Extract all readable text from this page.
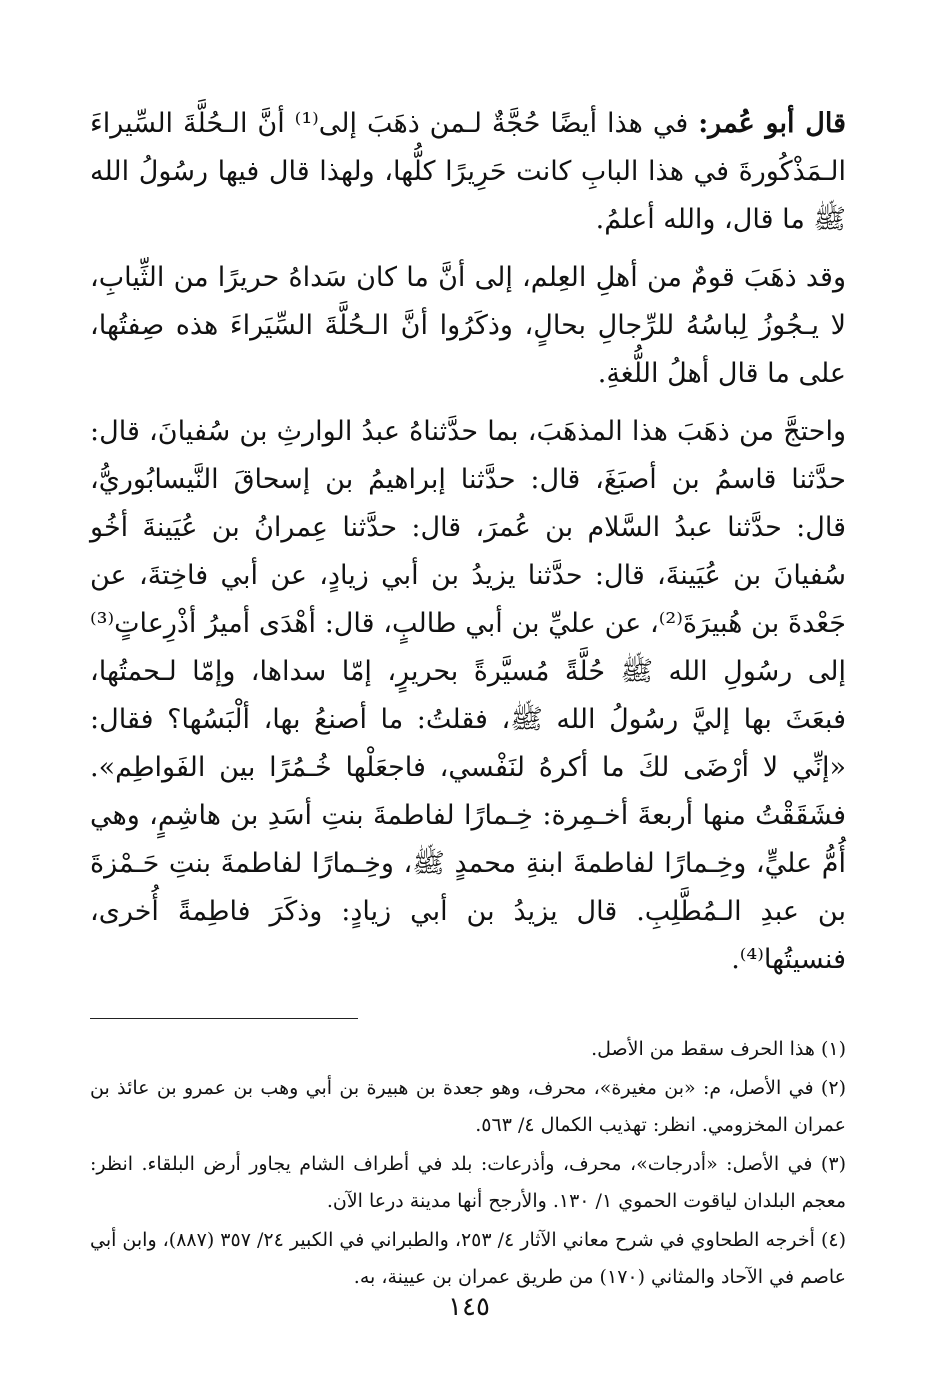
قال أبو عُمر: في هذا أيضًا حُجَّةٌ لـمن ذهَبَ إلى⁽¹⁾ أنَّ الـحُلَّةَ السِّيراءَ الـمَذْكُورةَ في هذا البابِ كانت حَرِيرًا كلُّها، ولهذا قال فيها رسُولُ الله ﷺ ما قال، والله أعلمُ.

وقد ذهَبَ قومٌ من أهلِ العِلم، إلى أنَّ ما كان سَداهُ حريرًا من الثِّيابِ، لا يـجُوزُ لِباسُهُ للرِّجالِ بحالٍ، وذكَرُوا أنَّ الـحُلَّةَ السِّيَراءَ هذه صِفتُها، على ما قال أهلُ اللُّغةِ.

واحتجَّ من ذهَبَ هذا المذهَبَ، بما حدَّثناهُ عبدُ الوارثِ بن سُفيانَ، قال: حدَّثنا قاسمُ بن أصبَغَ، قال: حدَّثنا إبراهيمُ بن إسحاقَ النَّيسابُوريُّ، قال: حدَّثنا عبدُ السَّلام بن عُمرَ، قال: حدَّثنا عِمرانُ بن عُيَينةَ أخُو سُفيانَ بن عُيَينةَ، قال: حدَّثنا يزيدُ بن أبي زيادٍ، عن أبي فاخِتةَ، عن جَعْدةَ بن هُبيرَةَ⁽²⁾، عن عليِّ بن أبي طالبٍ، قال: أهْدَى أميرُ أذْرِعاتٍ⁽³⁾ إلى رسُولِ الله ﷺ حُلَّةً مُسيَّرةً بحريرٍ، إمّا سداها، وإمّا لـحمتُها، فبعَثَ بها إليَّ رسُولُ الله ﷺ، فقلتُ: ما أصنعُ بها، ألْبَسُها؟ فقال: «إنِّي لا أرْضَى لكَ ما أكرهُ لنَفْسي، فاجعَلْها خُـمُرًا بين الفَواطِم». فشَقَقْتُ منها أربعةَ أخـمِرة: خِـمارًا لفاطمةَ بنتِ أسَدِ بن هاشِمٍ، وهي أُمُّ عليٍّ، وخِـمارًا لفاطمةَ ابنةِ محمدٍ ﷺ، وخِـمارًا لفاطمةَ بنتِ حَـمْزةَ بن عبدِ الـمُطَّلِبِ. قال يزيدُ بن أبي زيادٍ: وذكَرَ فاطِمةً أُخرى، فنسيتُها⁽⁴⁾.

(١) هذا الحرف سقط من الأصل.

(٢) في الأصل، م: «بن مغيرة»، محرف، وهو جعدة بن هبيرة بن أبي وهب بن عمرو بن عائذ بن عمران المخزومي. انظر: تهذيب الكمال ٤/ ٥٦٣.

(٣) في الأصل: «أدرجات»، محرف، وأذرعات: بلد في أطراف الشام يجاور أرض البلقاء. انظر: معجم البلدان لياقوت الحموي ١/ ١٣٠. والأرجح أنها مدينة درعا الآن.

(٤) أخرجه الطحاوي في شرح معاني الآثار ٤/ ٢٥٣، والطبراني في الكبير ٢٤/ ٣٥٧ (٨٨٧)، وابن أبي عاصم في الآحاد والمثاني (١٧٠) من طريق عمران بن عيينة، به.

١٤٥
